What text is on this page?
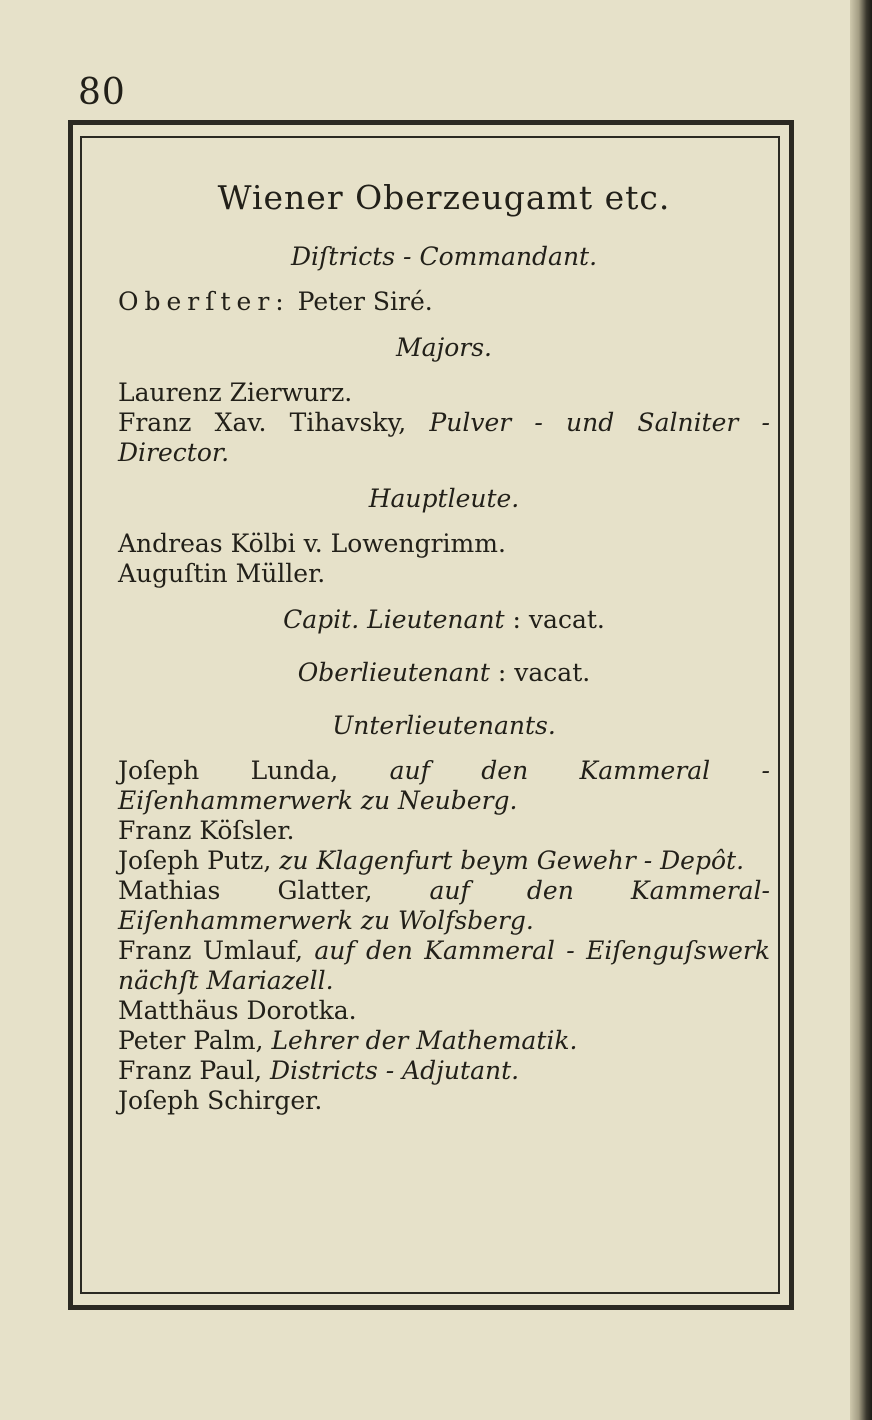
80
Wiener Oberzeugamt etc.
Diſtricts - Commandant.
Oberſter: Peter Siré.
Majors.
Laurenz Zierwurz.
Franz Xav. Tihavsky, Pulver - und Salniter - Director.
Hauptleute.
Andreas Kölbi v. Lowengrimm.
Auguſtin Müller.
Capit. Lieutenant : vacat.
Oberlieutenant : vacat.
Unterlieutenants.
Joſeph Lunda, auf den Kammeral - Eiſenhammerwerk zu Neuberg.
Franz Köſsler.
Joſeph Putz, zu Klagenfurt beym Gewehr - Depôt.
Mathias Glatter, auf den Kammeral- Eiſenhammerwerk zu Wolfsberg.
Franz Umlauf, auf den Kammeral - Eiſenguſswerk nächſt Mariazell.
Matthäus Dorotka.
Peter Palm, Lehrer der Mathematik.
Franz Paul, Districts - Adjutant.
Joſeph Schirger.
